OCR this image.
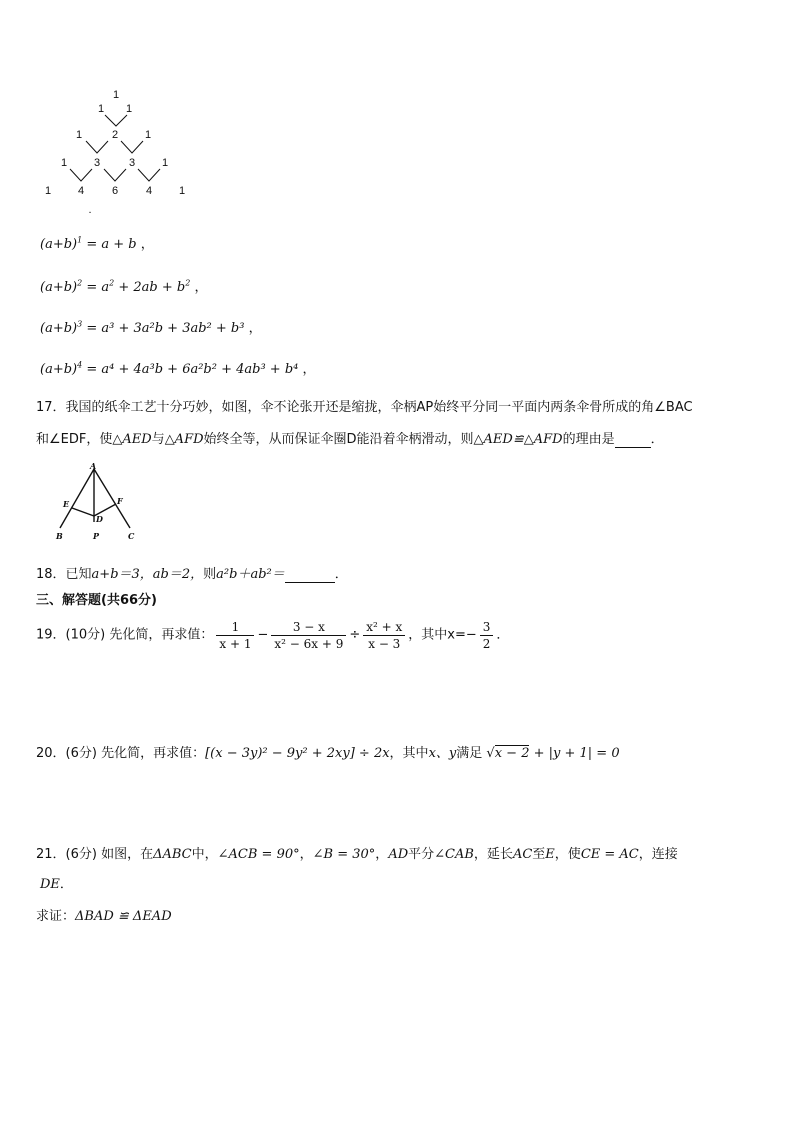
1
1 1
1	2 1
1 3	3 1
1 4	6	4 1
.
$(a+b)^1 = a + b$ ，
$(a+b)^2 = a^2 + 2ab + b^2$ ，
$(a+b)^3 = a^3 + 3a^2b + 3ab^2 + b^3$ ，
$(a+b)^4 = a^4 + 4a^3b + 6a^2b^2 + 4ab^3 + b^4$ ，
17．我国的纸伞工艺十分巧妙，如图，伞不论张开还是缩拢，伞柄AP始终平分同一平面内两条伞骨所成的角∠BAC
和∠EDF，使△AED与△AFD始终全等，从而保证伞圈D能沿着伞柄滑动，则△AED≌△AFD的理由是	．
A
E	F
D
B	P	C
18．已知a+b＝3，ab＝2，则a²b＋ab²＝	．
三、解答题(共66分)
19．(10分) 先化简，再求值： $\frac{1}{x + 1} - \frac{3 - x}{\text{x² − 6x + 9}} \div \frac{\text{x² + x}}{x - 3}$ ，其中$x=- \frac{3}{2}$ ．
20．(6分) 先化简，再求值：[(x − 3y)² − 9y² + 2xy] ÷ 2x，其中x、y满足 √x − 2 + |y + 1| = 0
21．(6分) 如图，在ΔABC中，∠ACB = 90°，∠B = 30°，AD平分∠CAB，延长AC至E，使CE = AC，连接
DE．
求证：ΔBAD ≌ ΔEAD
